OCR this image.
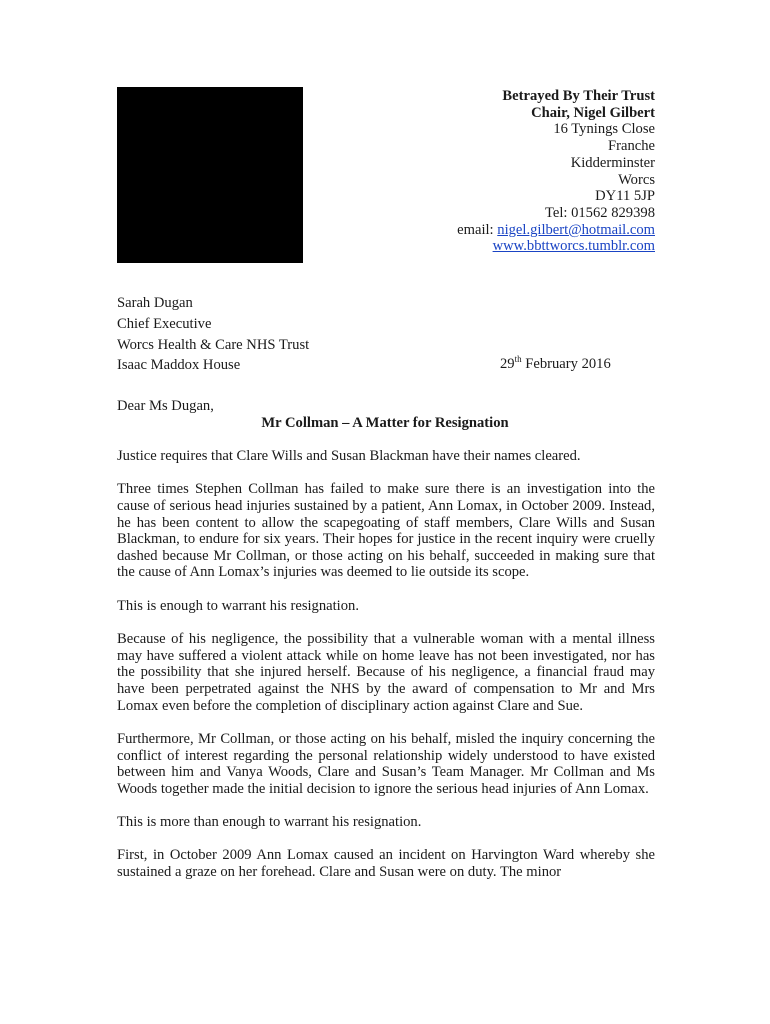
Betrayed By Their Trust
Chair, Nigel Gilbert
16 Tynings Close
Franche
Kidderminster
Worcs
DY11 5JP
Tel: 01562 829398
email: nigel.gilbert@hotmail.com
www.bbttworcs.tumblr.com
Sarah Dugan
Chief Executive
Worcs Health & Care NHS Trust
Isaac Maddox House	29th February 2016
Dear Ms Dugan,
Mr Collman – A Matter for Resignation

Justice requires that Clare Wills and Susan Blackman have their names cleared.

Three times Stephen Collman has failed to make sure there is an investigation into the cause of serious head injuries sustained by a patient, Ann Lomax, in October 2009. Instead, he has been content to allow the scapegoating of staff members, Clare Wills and Susan Blackman, to endure for six years. Their hopes for justice in the recent inquiry were cruelly dashed because Mr Collman, or those acting on his behalf, succeeded in making sure that the cause of Ann Lomax’s injuries was deemed to lie outside its scope.

This is enough to warrant his resignation.

Because of his negligence, the possibility that a vulnerable woman with a mental illness may have suffered a violent attack while on home leave has not been investigated, nor has the possibility that she injured herself. Because of his negligence, a financial fraud may have been perpetrated against the NHS by the award of compensation to Mr and Mrs Lomax even before the completion of disciplinary action against Clare and Sue.

Furthermore, Mr Collman, or those acting on his behalf, misled the inquiry concerning the conflict of interest regarding the personal relationship widely understood to have existed between him and Vanya Woods, Clare and Susan’s Team Manager. Mr Collman and Ms Woods together made the initial decision to ignore the serious head injuries of Ann Lomax.

This is more than enough to warrant his resignation.

First, in October 2009 Ann Lomax caused an incident on Harvington Ward whereby she sustained a graze on her forehead. Clare and Susan were on duty. The minor
